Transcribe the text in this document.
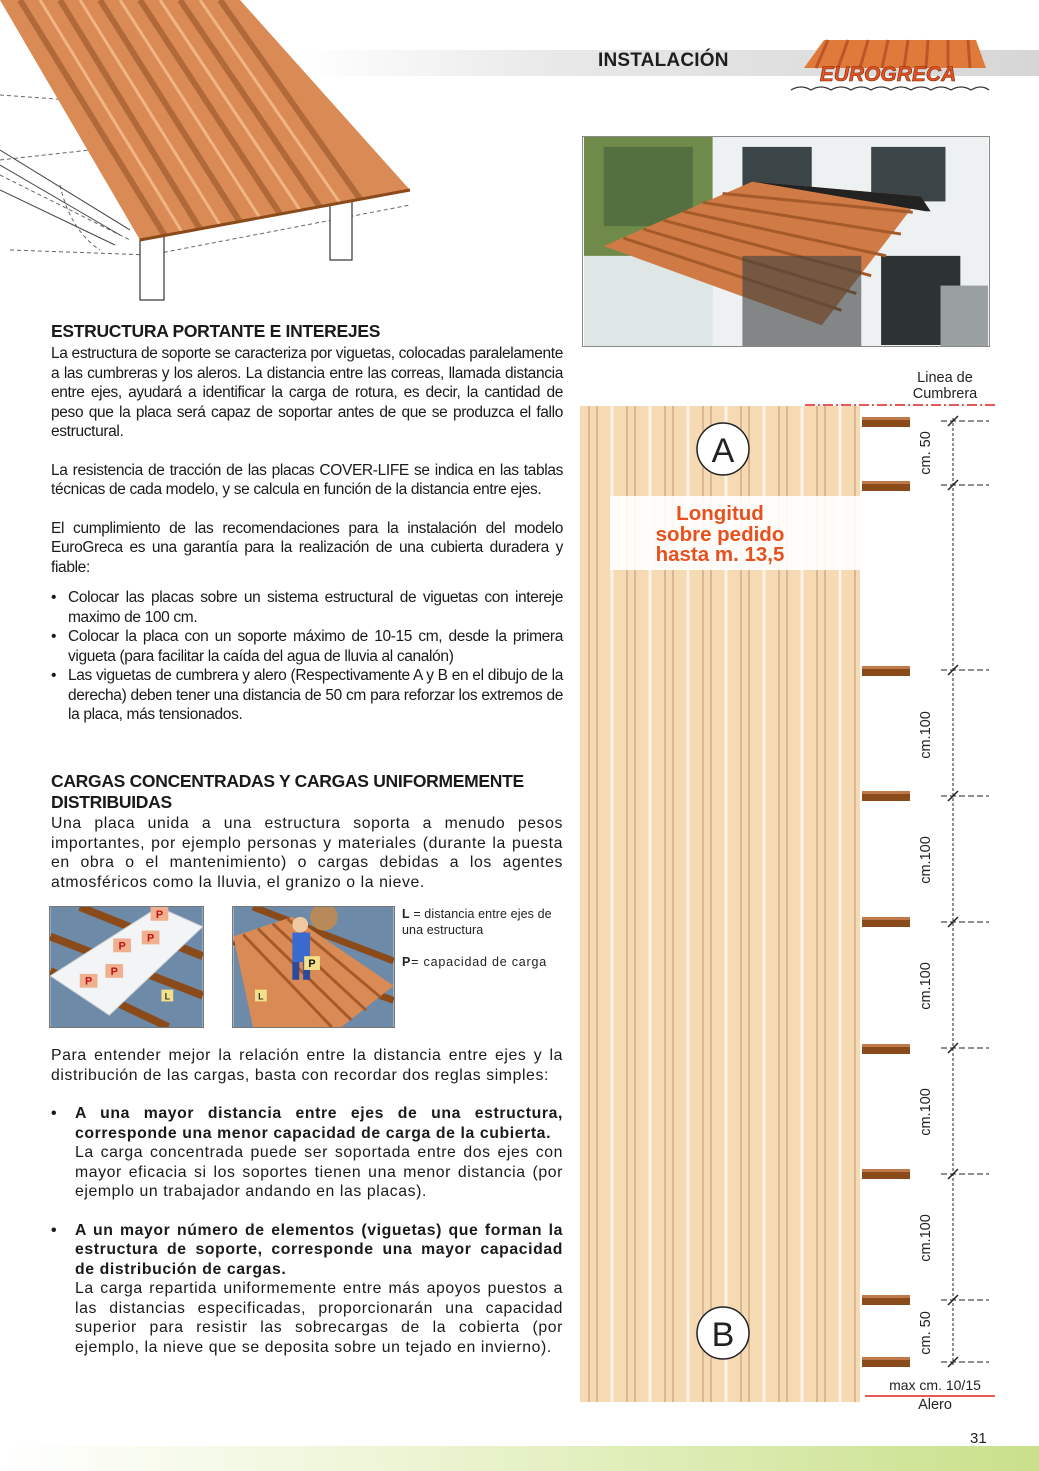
INSTALACIÓN
EUROGRECA
ESTRUCTURA PORTANTE E INTEREJES

La estructura de soporte se caracteriza por viguetas, colocadas paralelamente a las cumbreras y los aleros. La distancia entre las correas, llamada distancia entre ejes, ayudará a identificar la carga de rotura, es decir, la cantidad de peso que la placa será capaz de soportar antes de que se produzca el fallo estructural.

La resistencia de tracción de las placas COVER-LIFE se indica en las tablas técnicas de cada modelo, y se calcula en función de la distancia entre ejes.

El cumplimiento de las recomendaciones para la instalación del modelo EuroGreca es una garantía para la realización de una cubierta duradera y fiable:

• Colocar las placas sobre un sistema estructural de viguetas con intereje maximo de 100 cm.
• Colocar la placa con un soporte máximo de 10-15 cm, desde la primera vigueta (para facilitar la caída del agua de lluvia al canalón)
• Las viguetas de cumbrera y alero (Respectivamente A y B en el dibujo de la derecha) deben tener una distancia de 50 cm para reforzar los extremos de la placa, más tensionados.
CARGAS CONCENTRADAS Y CARGAS UNIFORMEMENTE DISTRIBUIDAS

Una placa unida a una estructura soporta a menudo pesos importantes, por ejemplo personas y materiales (durante la puesta en obra o el mantenimiento) o cargas debidas a los agentes atmosféricos como la lluvia, el granizo o la nieve.

P
P
P
P
P
L
P
L
L = distancia entre ejes de una estructura
P= capacidad de carga

Para entender mejor la relación entre la distancia entre ejes y la distribución de las cargas, basta con recordar dos reglas simples:

• A una mayor distancia entre ejes de una estructura, corresponde una menor capacidad de carga de la cubierta.
La carga concentrada puede ser soportada entre dos ejes con mayor eficacia si los soportes tienen una menor distancia (por ejemplo un trabajador andando en las placas).
• A un mayor número de elementos (viguetas) que forman la estructura de soporte, corresponde una mayor capacidad de distribución de cargas.
La carga repartida uniformemente entre más apoyos puestos a las distancias especificadas, proporcionarán una capacidad superior para resistir las sobrecargas de la cobierta (por ejemplo, la nieve que se deposita sobre un tejado en invierno).
Linea de
Cumbrera
max cm. 10/15
Alero
cm. 50
cm.100
cm.100
cm.100
cm.100
cm.100
cm. 50
A
B
Longitud
sobre pedido
hasta m. 13,5
31
